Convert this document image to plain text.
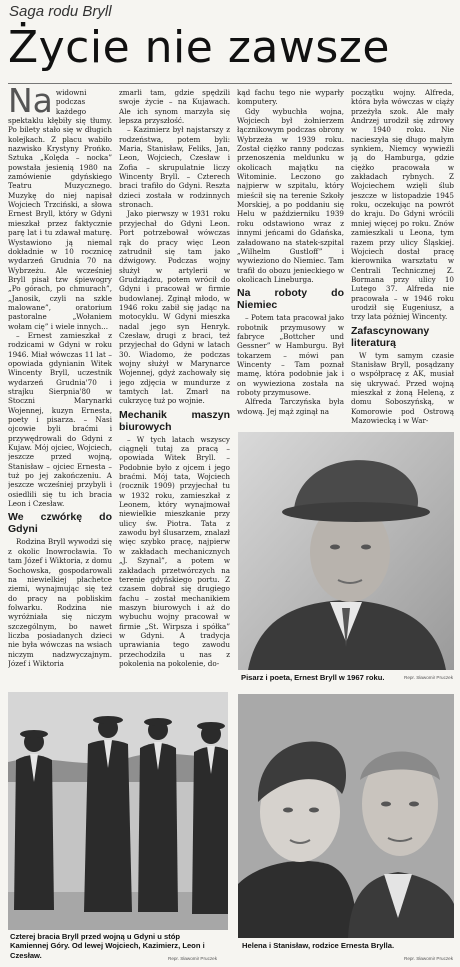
Saga rodu Bryll
Życie nie zawsze

Na widowni podczas każdego spektaklu kłębiły się tłumy. Po bilety stało się w długich kolejkach. Z placu wabiło nazwisko Krystyny Prońko. Sztuka „Kolęda – nocka” powstała jesienią 1980 na zamówienie gdyńskiego Teatru Muzycznego. Muzykę do niej napisał Wojciech Trzciński, a słowa Ernest Bryll, który w Gdyni mieszkał przez faktycznie parę lat i tu zdawał maturę. Wystawiono ją niemal dokładnie w 10 rocznicę wydarzeń Grudnia 70 na Wybrzeżu. Ale wcześniej Bryll pisał tzw śpiewogry „Po górach, po chmurach”, „Janosik, czyli na szkle malowane”, oratorium pastoralne „Wołaniem wołam cię” i wiele innych...

– Ernest zamieszkał z rodzicami w Gdyni w roku 1946. Miał wówczas 11 lat – opowiada gdynianin Witek Wincenty Bryll, uczestnik wydarzeń Grudnia'70 i strajku Sierpnia'80 w Stoczni Marynarki Wojennej, kuzyn Ernesta, poety i pisarza. – Nasi ojcowie byli braćmi i przywędrowali do Gdyni z Kujaw. Mój ojciec, Wojciech, jeszcze przed wojną, Stanisław – ojciec Ernesta – tuż po jej zakończeniu. A jeszcze wcześniej przybyli i osiedlili się tu ich bracia Leon i Czesław.

We czwórkę do Gdyni

Rodzina Bryll wywodzi się z okolic Inowrocławia. To tam Józef i Wiktoria, z domu Sochowska, gospodarowali na niewielkiej płachetce ziemi, wynajmując się też do pracy na pobliskim folwarku. Rodzina nie wyróżniała się niczym szczególnym, bo nawet liczba posiadanych dzieci nie była wówczas na wsiach niczym nadzwyczajnym. Józef i Wiktoria

zmarli tam, gdzie spędzili swoje życie – na Kujawach. Ale ich synom marzyła się lepsza przyszłość.

– Kazimierz był najstarszy z rodzeństwa, potem byli: Maria, Stanisław, Feliks, Jan, Leon, Wojciech, Czesław i Zofia – skrupulatnie liczy Wincenty Bryll. – Czterech braci trafiło do Gdyni. Reszta dzieci została w rodzinnych stronach.

Jako pierwszy w 1931 roku przyjechał do Gdyni Leon. Port potrzebował wówczas rąk do pracy więc Leon zatrudnił się tam jako dźwigowy. Podczas wojny służył w artylerii w Grudziądzu, potem wrócił do Gdyni i pracował w firmie budowlanej. Zginął młodo, w 1946 roku zabił się jadąc na motocyklu. W Gdyni mieszka nadal jego syn Henryk. Czesław, drugi z braci, też przyjechał do Gdyni w latach 30. Wiadomo, że podczas wojny służył w Marynarce Wojennej, gdyż zachowały się jego zdjęcia w mundurze z tamtych lat. Zmarł na cukrzycę tuż po wojnie.

Mechanik maszyn biurowych

– W tych latach wszyscy ciągnęli tutaj za pracą – opowiada Witek Bryll. – Podobnie było z ojcem i jego braćmi. Mój tata, Wojciech (rocznik 1909) przyjechał tu w 1932 roku, zamieszkał z Leonem, który wynajmował niewielkie mieszkanie przy ulicy św. Piotra. Tata z zawodu był ślusarzem, znalazł więc szybko pracę, najpierw w zakładach mechanicznych „J. Szynal”, a potem w zakładach przetwórczych na terenie gdyńskiego portu. Z czasem dobrał się drugiego fachu – został mechanikiem maszyn biurowych i aż do wybuchu wojny pracował w firmie „St. Wirpsza i spółka” w Gdyni. A tradycja uprawiania tego zawodu przechodziła u nas z pokolenia na pokolenie, do-

kąd fachu tego nie wyparły komputery.

Gdy wybuchła wojna, Wojciech był żołnierzem łącznikowym podczas obrony Wybrzeża w 1939 roku. Został ciężko ranny podczas przenoszenia meldunku w okolicach majątku na Witominie. Leczono go najpierw w szpitalu, który mieścił się na terenie Szkoły Morskiej, a po poddaniu się Helu w październiku 1939 roku odstawiono wraz z innymi jeńcami do Gdańska, załadowano na statek-szpital „Wilhelm Gustloff” i wywieziono do Niemiec. Tam trafił do obozu jenieckiego w okolicach Lineburga.

Na roboty do Niemiec

– Potem tata pracował jako robotnik przymusowy w fabryce „Bottcher und Gessner” w Hamburgu. Był tokarzem – mówi pan Wincenty – Tam poznał mamę, która podobnie jak i on wywieziona została na roboty przymusowe.

Alfreda Tarczyńska była wdową. Jej mąż zginął na

początku wojny. Alfreda, która była wówczas w ciąży przeżyła szok. Ale mały Andrzej urodził się zdrowy w 1940 roku. Nie nacieszyła się długo małym synkiem, Niemcy wywieźli ją do Hamburga, gdzie ciężko pracowała w zakładach rybnych. Z Wojciechem wzięli ślub jeszcze w listopadzie 1945 roku, oczekując na powrót do kraju. Do Gdyni wrócili mniej więcej po roku. Znów zamieszkali u Leona, tym razem przy ulicy Śląskiej. Wojciech dostał pracę kierownika warsztatu w Centrali Technicznej Z. Bormana przy ulicy 10 Lutego 37. Alfreda nie pracowała – w 1946 roku urodził się Eugeniusz, a trzy lata później Wincenty.

Zafascynowany literaturą

W tym samym czasie Stanisław Bryll, posądzany o współpracę z AK, musiał się ukrywać. Przed wojną mieszkał z żoną Heleną, z domu Soboszyńską, w Komorowie pod Ostrową Mazowiecką i w War-

Pisarz i poeta, Ernest Bryll w 1967 roku.	Repr. Sławomir Pruczek
Czterej bracia Bryll przed wojną u Gdyni u stóp Kamiennej Góry. Od lewej Wojciech, Kazimierz, Leon i Czesław.	Repr. Sławomir Pruczek
Helena i Stanisław, rodzice Ernesta Brylla.
Repr. Sławomir Pruczek
